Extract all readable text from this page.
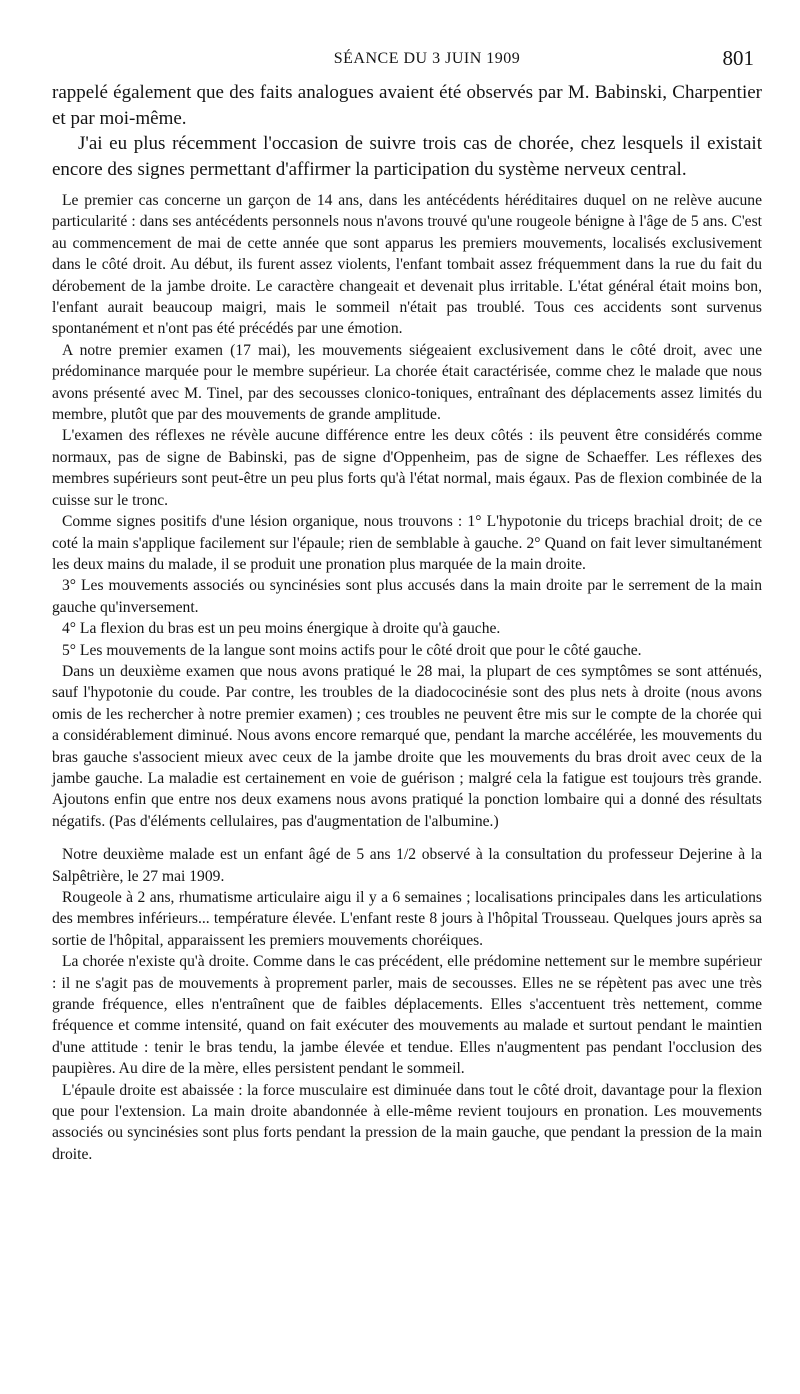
SÉANCE DU 3 JUIN 1909	801

rappelé également que des faits analogues avaient été observés par M. Babinski, Charpentier et par moi-même.

J'ai eu plus récemment l'occasion de suivre trois cas de chorée, chez lesquels il existait encore des signes permettant d'affirmer la participation du système nerveux central.

Le premier cas concerne un garçon de 14 ans, dans les antécédents héréditaires duquel on ne relève aucune particularité : dans ses antécédents personnels nous n'avons trouvé qu'une rougeole bénigne à l'âge de 5 ans. C'est au commencement de mai de cette année que sont apparus les premiers mouvements, localisés exclusivement dans le côté droit. Au début, ils furent assez violents, l'enfant tombait assez fréquemment dans la rue du fait du dérobement de la jambe droite. Le caractère changeait et devenait plus irritable. L'état général était moins bon, l'enfant aurait beaucoup maigri, mais le sommeil n'était pas troublé. Tous ces accidents sont survenus spontanément et n'ont pas été précédés par une émotion.

A notre premier examen (17 mai), les mouvements siégeaient exclusivement dans le côté droit, avec une prédominance marquée pour le membre supérieur. La chorée était caractérisée, comme chez le malade que nous avons présenté avec M. Tinel, par des secousses clonico-toniques, entraînant des déplacements assez limités du membre, plutôt que par des mouvements de grande amplitude.

L'examen des réflexes ne révèle aucune différence entre les deux côtés : ils peuvent être considérés comme normaux, pas de signe de Babinski, pas de signe d'Oppenheim, pas de signe de Schaeffer. Les réflexes des membres supérieurs sont peut-être un peu plus forts qu'à l'état normal, mais égaux. Pas de flexion combinée de la cuisse sur le tronc.

Comme signes positifs d'une lésion organique, nous trouvons : 1° L'hypotonie du triceps brachial droit; de ce coté la main s'applique facilement sur l'épaule; rien de semblable à gauche. 2° Quand on fait lever simultanément les deux mains du malade, il se produit une pronation plus marquée de la main droite.

3° Les mouvements associés ou syncinésies sont plus accusés dans la main droite par le serrement de la main gauche qu'inversement.

4° La flexion du bras est un peu moins énergique à droite qu'à gauche.

5° Les mouvements de la langue sont moins actifs pour le côté droit que pour le côté gauche.

Dans un deuxième examen que nous avons pratiqué le 28 mai, la plupart de ces symptômes se sont atténués, sauf l'hypotonie du coude. Par contre, les troubles de la diadococinésie sont des plus nets à droite (nous avons omis de les rechercher à notre premier examen) ; ces troubles ne peuvent être mis sur le compte de la chorée qui a considérablement diminué. Nous avons encore remarqué que, pendant la marche accélérée, les mouvements du bras gauche s'associent mieux avec ceux de la jambe droite que les mouvements du bras droit avec ceux de la jambe gauche. La maladie est certainement en voie de guérison ; malgré cela la fatigue est toujours très grande. Ajoutons enfin que entre nos deux examens nous avons pratiqué la ponction lombaire qui a donné des résultats négatifs. (Pas d'éléments cellulaires, pas d'augmentation de l'albumine.)

Notre deuxième malade est un enfant âgé de 5 ans 1/2 observé à la consultation du professeur Dejerine à la Salpêtrière, le 27 mai 1909.

Rougeole à 2 ans, rhumatisme articulaire aigu il y a 6 semaines ; localisations principales dans les articulations des membres inférieurs... température élevée. L'enfant reste 8 jours à l'hôpital Trousseau. Quelques jours après sa sortie de l'hôpital, apparaissent les premiers mouvements choréiques.

La chorée n'existe qu'à droite. Comme dans le cas précédent, elle prédomine nettement sur le membre supérieur : il ne s'agit pas de mouvements à proprement parler, mais de secousses. Elles ne se répètent pas avec une très grande fréquence, elles n'entraînent que de faibles déplacements. Elles s'accentuent très nettement, comme fréquence et comme intensité, quand on fait exécuter des mouvements au malade et surtout pendant le maintien d'une attitude : tenir le bras tendu, la jambe élevée et tendue. Elles n'augmentent pas pendant l'occlusion des paupières. Au dire de la mère, elles persistent pendant le sommeil.

L'épaule droite est abaissée : la force musculaire est diminuée dans tout le côté droit, davantage pour la flexion que pour l'extension. La main droite abandonnée à elle-même revient toujours en pronation. Les mouvements associés ou syncinésies sont plus forts pendant la pression de la main gauche, que pendant la pression de la main droite.
